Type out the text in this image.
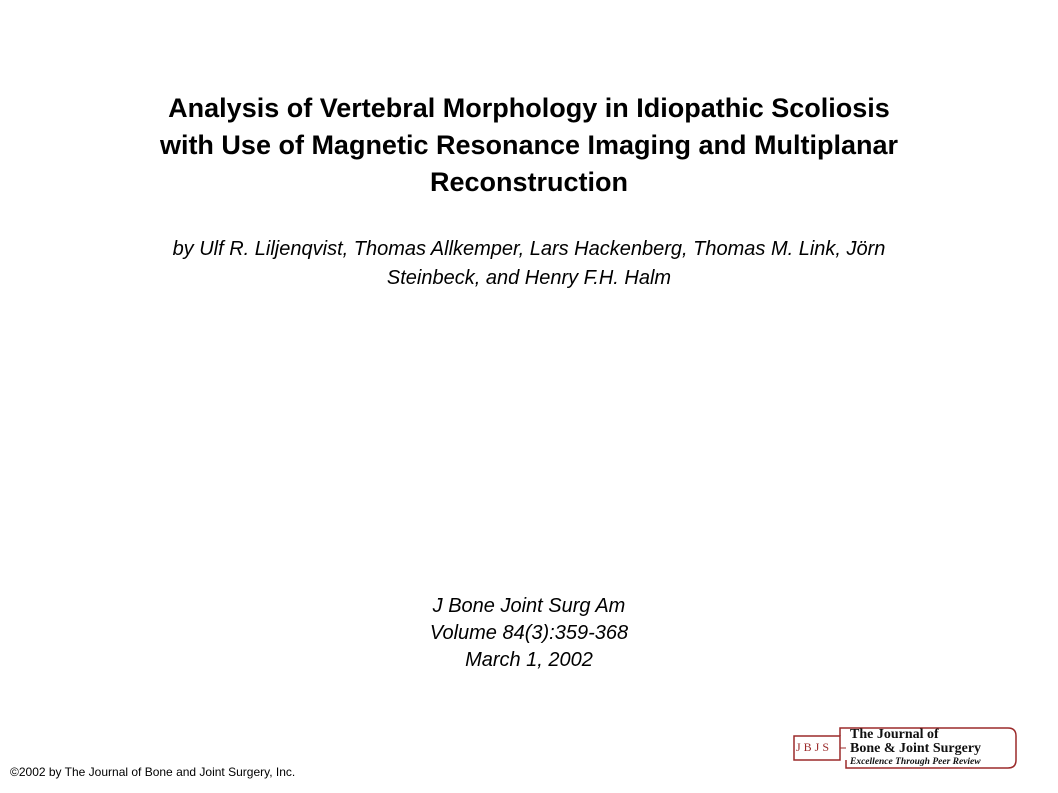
Analysis of Vertebral Morphology in Idiopathic Scoliosis
with Use of Magnetic Resonance Imaging and Multiplanar
Reconstruction

by Ulf R. Liljenqvist, Thomas Allkemper, Lars Hackenberg, Thomas M. Link, Jörn
Steinbeck, and Henry F.H. Halm

J Bone Joint Surg Am
Volume 84(3):359-368
March 1, 2002
©2002 by The Journal of Bone and Joint Surgery, Inc.
JBJS
The Journal of
Bone & Joint Surgery
Excellence Through Peer Review
